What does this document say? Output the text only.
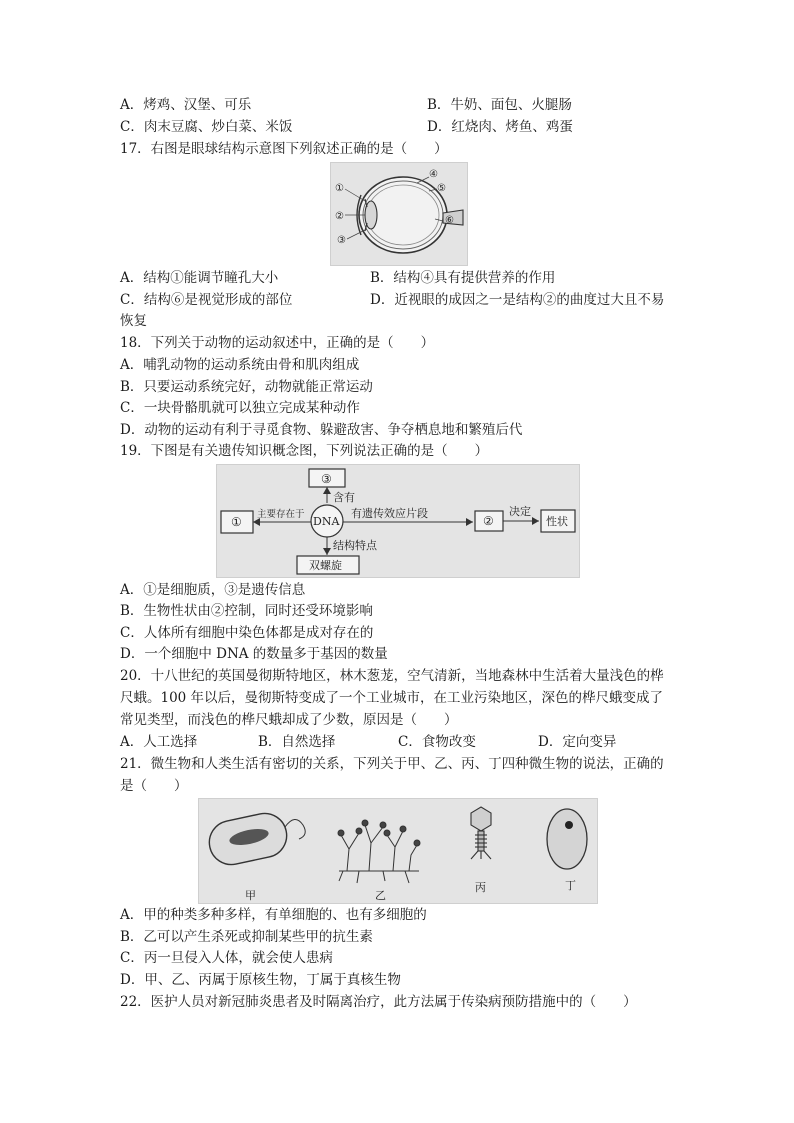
A．烤鸡、汉堡、可乐	B．牛奶、面包、火腿肠
C．肉末豆腐、炒白菜、米饭	D．红烧肉、烤鱼、鸡蛋
17．右图是眼球结构示意图下列叙述正确的是（　　）
①
②
③
④
⑤
⑥
A．结构①能调节瞳孔大小	B．结构④具有提供营养的作用
C．结构⑥是视觉形成的部位	D．近视眼的成因之一是结构②的曲度过大且不易
恢复
18．下列关于动物的运动叙述中，正确的是（　　）
A．哺乳动物的运动系统由骨和肌肉组成
B．只要运动系统完好，动物就能正常运动
C．一块骨骼肌就可以独立完成某种动作
D．动物的运动有利于寻觅食物、躲避敌害、争夺栖息地和繁殖后代
19．下图是有关遗传知识概念图，下列说法正确的是（　　）
③
含有
DNA
①
主要存在于	有遗传效应片段
②
决定
性状
结构特点
双螺旋
A．①是细胞质，③是遗传信息
B．生物性状由②控制，同时还受环境影响
C．人体所有细胞中染色体都是成对存在的
D．一个细胞中 DNA 的数量多于基因的数量
20．十八世纪的英国曼彻斯特地区，林木葱茏，空气清新，当地森林中生活着大量浅色的桦
尺蛾。100 年以后，曼彻斯特变成了一个工业城市，在工业污染地区，深色的桦尺蛾变成了
常见类型，而浅色的桦尺蛾却成了少数，原因是（　　）
A．人工选择	B．自然选择	C．食物改变	D．定向变异
21．微生物和人类生活有密切的关系，下列关于甲、乙、丙、丁四种微生物的说法，正确的
是（　　）
甲	乙
丙	丁
A．甲的种类多种多样，有单细胞的、也有多细胞的
B．乙可以产生杀死或抑制某些甲的抗生素
C．丙一旦侵入人体，就会使人患病
D．甲、乙、丙属于原核生物，丁属于真核生物
22．医护人员对新冠肺炎患者及时隔离治疗，此方法属于传染病预防措施中的（　　）
